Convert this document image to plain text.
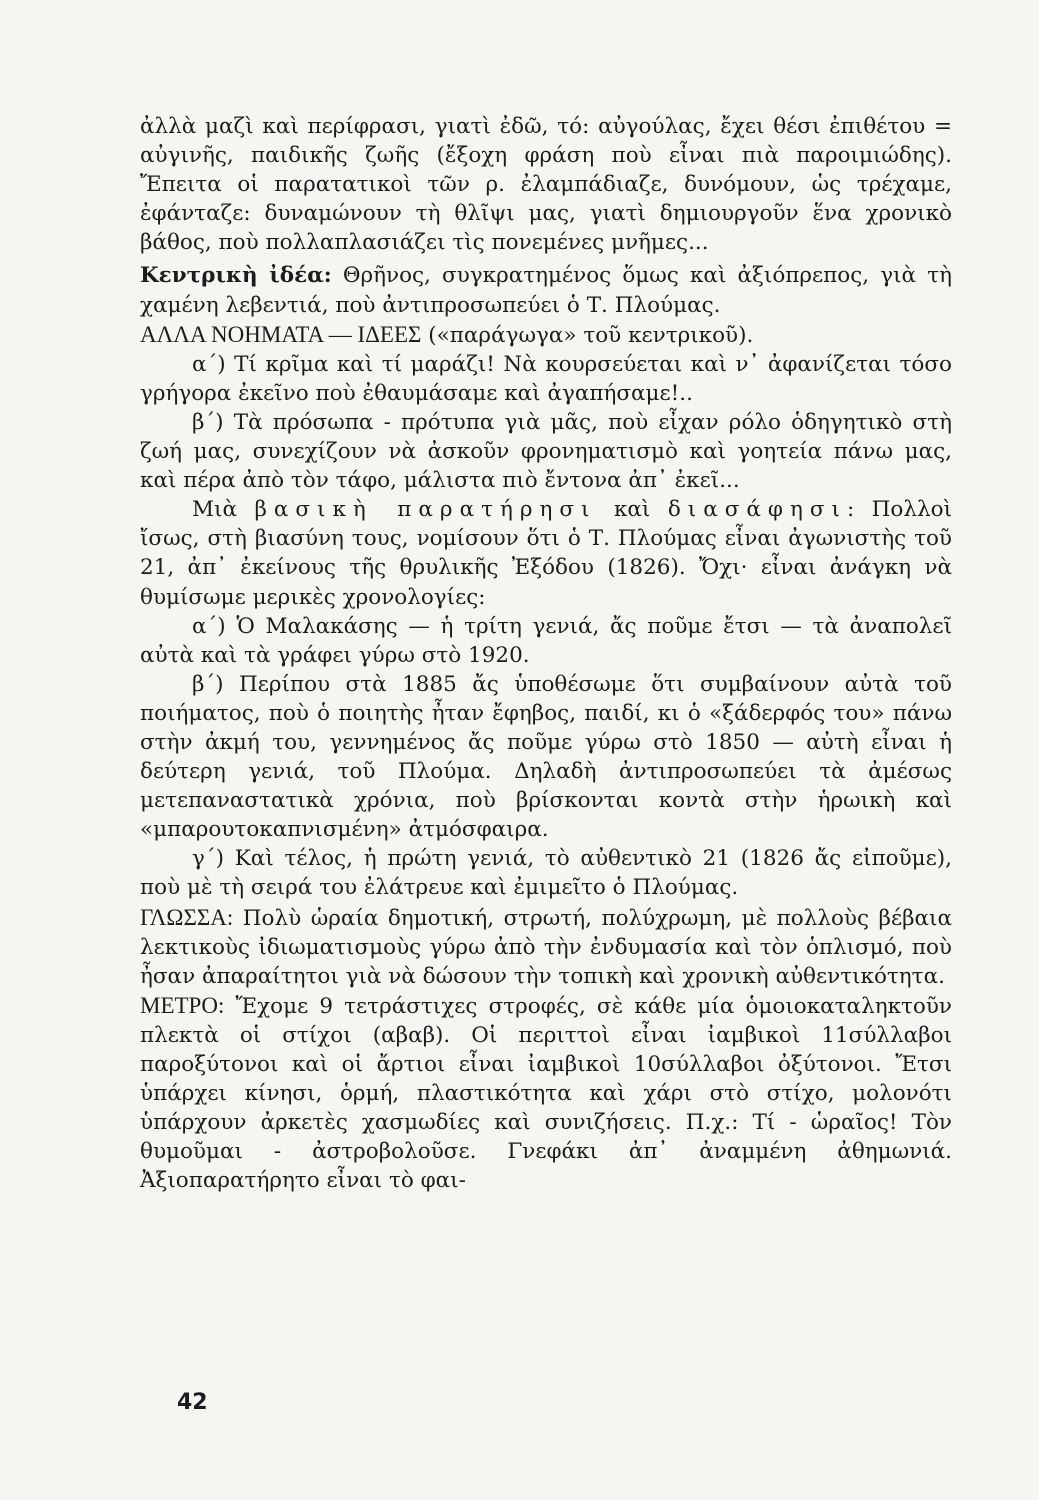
ἀλλὰ μαζὶ καὶ περίφρασι, γιατὶ ἐδῶ, τό: αὐγούλας, ἔχει θέσι ἐπιθέτου = αὐγινῆς, παιδικῆς ζωῆς (ἔξοχη φράση ποὺ εἶναι πιὰ παροιμιώδης). Ἔπειτα οἱ παρατατικοὶ τῶν ρ. ἐλαμπάδιαζε, δυνόμουν, ὡς τρέχαμε, ἐφάνταζε: δυναμώνουν τὴ θλῖψι μας, γιατὶ δημιουργοῦν ἕνα χρονικὸ βάθος, ποὺ πολλαπλασιάζει τὶς πονεμένες μνῆμες...

Κεντρικὴ ἰδέα: Θρῆνος, συγκρατημένος ὅμως καὶ ἀξιόπρεπος, γιὰ τὴ χαμένη λεβεντιά, ποὺ ἀντιπροσωπεύει ὁ Τ. Πλούμας.

ΑΛΛΑ ΝΟΗΜΑΤΑ — ΙΔΕΕΣ («παράγωγα» τοῦ κεντρικοῦ).

α΄) Τί κρῖμα καὶ τί μαράζι! Νὰ κουρσεύεται καὶ ν᾽ ἀφανίζεται τόσο γρήγορα ἐκεῖνο ποὺ ἐθαυμάσαμε καὶ ἀγαπήσαμε!..

β΄) Τὰ πρόσωπα - πρότυπα γιὰ μᾶς, ποὺ εἶχαν ρόλο ὁδηγητικὸ στὴ ζωή μας, συνεχίζουν νὰ ἀσκοῦν φρονηματισμὸ καὶ γοητεία πάνω μας, καὶ πέρα ἀπὸ τὸν τάφο, μάλιστα πιὸ ἔντονα ἀπ᾽ ἐκεῖ...

Μιὰ βασικὴ παρατήρησι καὶ διασάφησι: Πολλοὶ ἴσως, στὴ βιασύνη τους, νομίσουν ὅτι ὁ Τ. Πλούμας εἶναι ἀγωνιστὴς τοῦ 21, ἀπ᾽ ἐκείνους τῆς θρυλικῆς Ἐξόδου (1826). Ὄχι· εἶναι ἀνάγκη νὰ θυμίσωμε μερικὲς χρονολογίες:

α΄) Ὁ Μαλακάσης — ἡ τρίτη γενιά, ἄς ποῦμε ἔτσι — τὰ ἀναπολεῖ αὐτὰ καὶ τὰ γράφει γύρω στὸ 1920.

β΄) Περίπου στὰ 1885 ἄς ὑποθέσωμε ὅτι συμβαίνουν αὐτὰ τοῦ ποιήματος, ποὺ ὁ ποιητὴς ἦταν ἔφηβος, παιδί, κι ὁ «ξάδερφός του» πάνω στὴν ἀκμή του, γεννημένος ἄς ποῦμε γύρω στὸ 1850 — αὐτὴ εἶναι ἡ δεύτερη γενιά, τοῦ Πλούμα. Δηλαδὴ ἀντιπροσωπεύει τὰ ἀμέσως μετεπαναστατικὰ χρόνια, ποὺ βρίσκονται κοντὰ στὴν ἡρωικὴ καὶ «μπαρουτοκαπνισμένη» ἀτμόσφαιρα.

γ΄) Καὶ τέλος, ἡ πρώτη γενιά, τὸ αὐθεντικὸ 21 (1826 ἄς εἰποῦμε), ποὺ μὲ τὴ σειρά του ἐλάτρευε καὶ ἐμιμεῖτο ὁ Πλούμας.

ΓΛΩΣΣΑ: Πολὺ ὡραία δημοτική, στρωτή, πολύχρωμη, μὲ πολλοὺς βέβαια λεκτικοὺς ἰδιωματισμοὺς γύρω ἀπὸ τὴν ἐνδυμασία καὶ τὸν ὁπλισμό, ποὺ ἦσαν ἀπαραίτητοι γιὰ νὰ δώσουν τὴν τοπικὴ καὶ χρονικὴ αὐθεντικότητα.

ΜΕΤΡΟ: Ἔχομε 9 τετράστιχες στροφές, σὲ κάθε μία ὁμοιοκαταληκτοῦν πλεκτὰ οἱ στίχοι (αβαβ). Οἱ περιττοὶ εἶναι ἰαμβικοὶ 11σύλλαβοι παροξύτονοι καὶ οἱ ἄρτιοι εἶναι ἰαμβικοὶ 10σύλλαβοι ὀξύτονοι. Ἔτσι ὑπάρχει κίνησι, ὁρμή, πλαστικότητα καὶ χάρι στὸ στίχο, μολονότι ὑπάρχουν ἀρκετὲς χασμωδίες καὶ συνιζήσεις. Π.χ.: Τί - ὡραῖος! Τὸν θυμοῦμαι - ἀστροβολοῦσε. Γνεφάκι ἀπ᾽ ἀναμμένη ἀθημωνιά. Ἀξιοπαρατήρητο εἶναι τὸ φαι-

42
